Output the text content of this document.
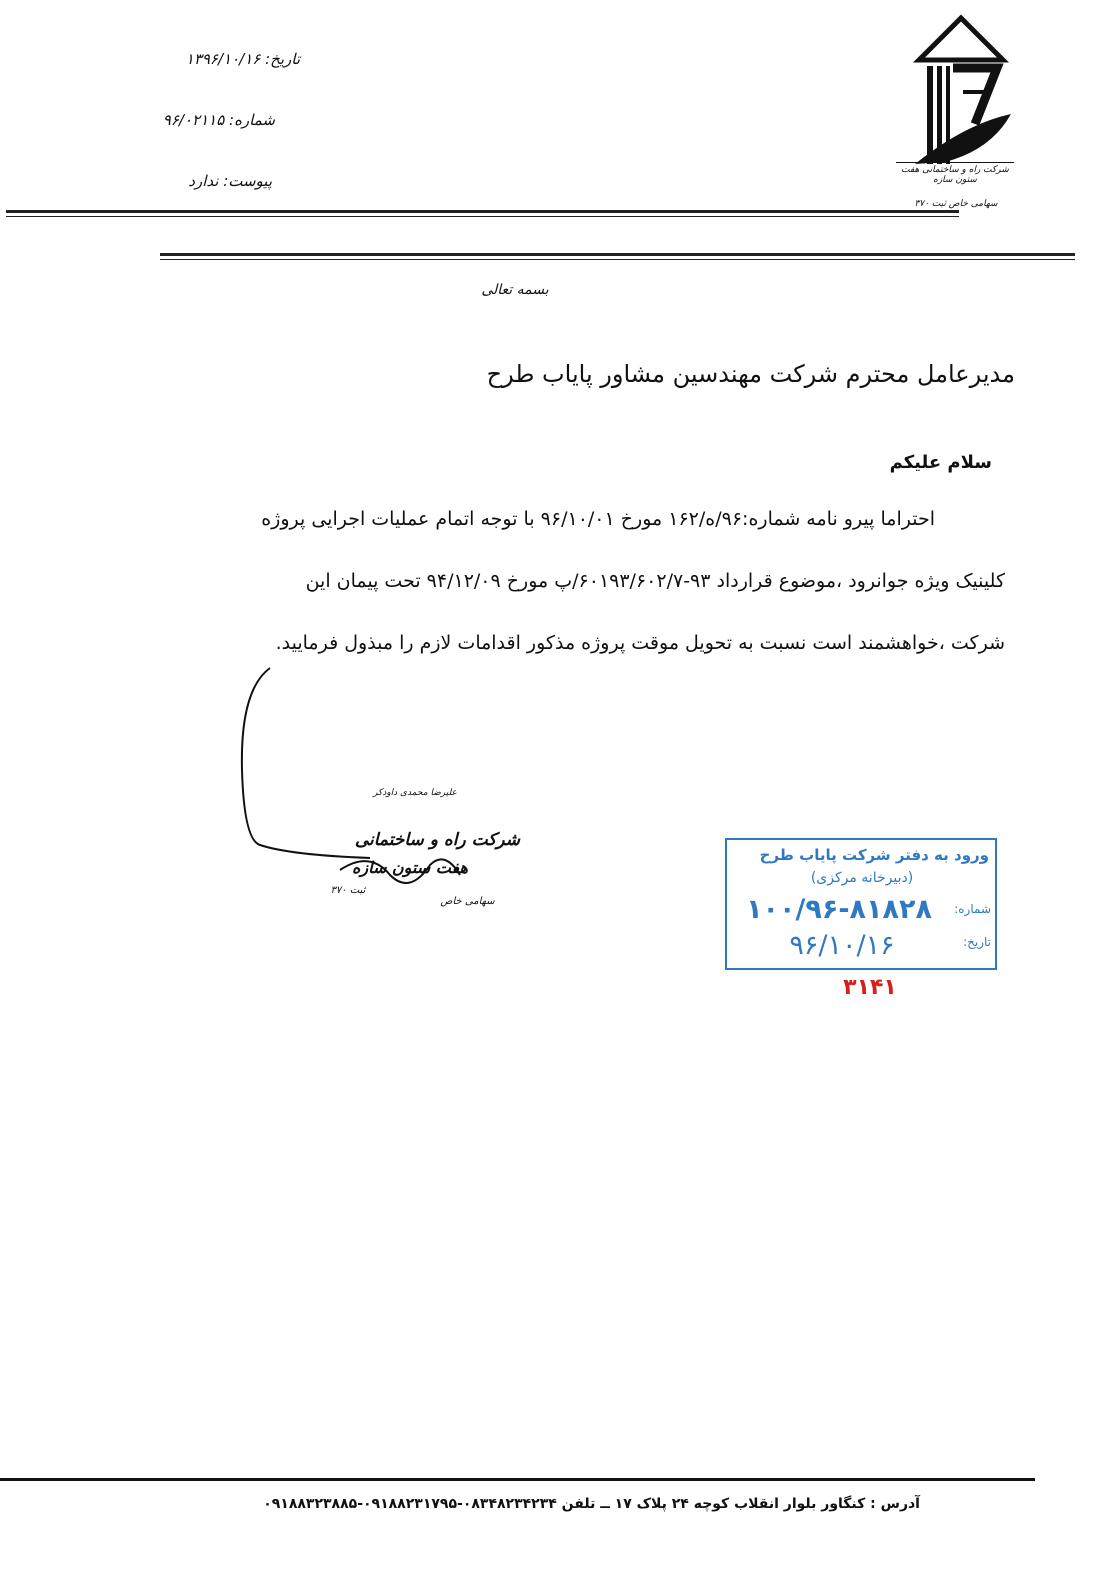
شرکت راه و ساختمانی هفت ستون سازه
سهامی خاص ثبت ۳۷۰
تاریخ: ۱۳۹۶/۱۰/۱۶
شماره: ۹۶/۰۲۱۱۵
پیوست: ندارد
بسمه تعالی
مدیرعامل محترم شرکت مهندسین مشاور پایاب طرح
سلام علیکم
احتراما پیرو نامه شماره:۹۶/ه/۱۶۲ مورخ ۹۶/۱۰/۰۱ با توجه اتمام عملیات اجرایی پروژه
کلینیک ویژه جوانرود ،موضوع قرارداد ۹۳-۶۰۱۹۳/۶۰۲/۷/پ مورخ ۹۴/۱۲/۰۹ تحت پیمان این
شرکت ،خواهشمند است نسبت به تحویل موقت پروژه مذکور اقدامات لازم را مبذول فرمایید.
علیرضا محمدی داودکر
شرکت راه و ساختمانی
هفت ستون سازه
ثبت ۳۷۰
سهامی خاص
ورود به دفتر شرکت پایاب طرح
(دبیرخانه مرکزی)
شماره:
۱۰۰/۹۶-۸۱۸۲۸
تاریخ:
۹۶/۱۰/۱۶
۳۱۴۱
آدرس : کنگاور بلوار انقلاب کوچه ۲۴ پلاک ۱۷ ــ تلفن ۰۸۳۴۸۲۳۴۲۳۴-۰۹۱۸۸۲۳۱۷۹۵-۰۹۱۸۸۳۲۳۸۸۵
